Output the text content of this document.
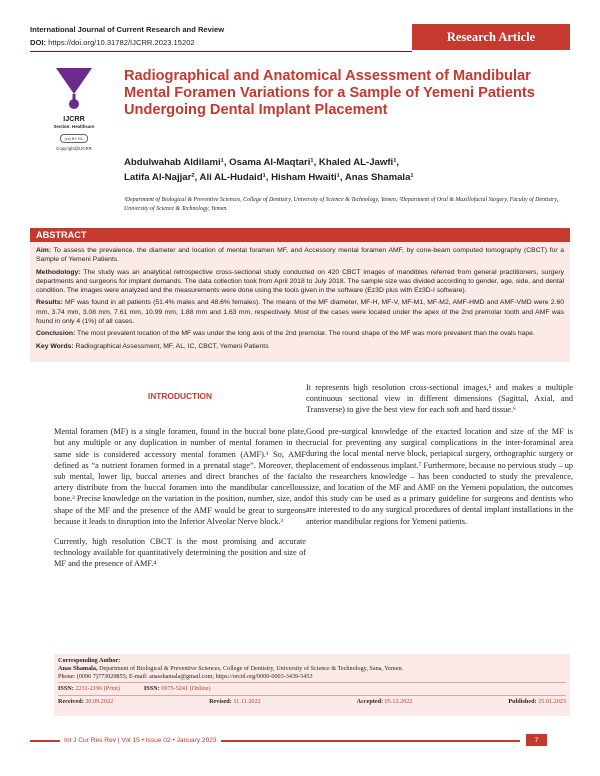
International Journal of Current Research and Review
DOI: https://doi.org/10.31782/IJCRR.2023.15202	Research Article
IJCRR
Section: Healthcare
(cc) BY NC
Copyright@IJCRR
Radiographical and Anatomical Assessment of Mandibular Mental Foramen Variations for a Sample of Yemeni Patients Undergoing Dental Implant Placement
Abdulwahab Aldilami¹, Osama Al-Maqtari¹, Khaled AL-Jawfi¹,
Latifa Al-Najjar², Ali AL-Hudaid¹, Hisham Hwaiti¹, Anas Shamala¹
¹Department of Biological & Preventive Sciences, College of Dentistry, University of Science & Technology, Yemen; ²Department of Oral & Maxillofacial Surgery, Faculty of Dentistry, University of Science & Technology, Yemen.
ABSTRACT

Aim: To assess the prevalence, the diameter and location of mental foramen MF, and Accessory mental foramen AMF, by cone-beam computed tomography (CBCT) for a Sample of Yemeni Patients.

Methodology: The study was an analytical retrospective cross-sectional study conducted on 420 CBCT images of mandibles referred from general practitioners, surgery departments and surgeons for implant demands. The data collection took from April 2018 to July 2018. The sample size was divided according to gender, age, side, and dental condition. The images were analyzed and the measurements were done using the tools given in the software (Ez3D plus with Ez3D-I software).

Results: MF was found in all patients (51.4% males and 48.6% females). The means of the MF diameter, MF-H, MF-V, MF-M1, MF-M2, AMF-HMD and AMF-VMD were 2.60 mm, 3.74 mm, 3.08 mm, 7.61 mm, 10.99 mm, 1.88 mm and 1.63 mm, respectively. Most of the cases were located under the apex of the 2nd premolar tooth and AMF was found in only 4 (1%) of all cases.

Conclusion: The most prevalent location of the MF was under the long axis of the 2nd premolar. The round shape of the MF was more prevalent than the ovals hape.

Key Words: Radiographical Assessment, MF, AL, IC, CBCT, Yemeni Patients

INTRODUCTION

Mental foramen (MF) is a single foramen, found in the buccal bone plate, but any multiple or any duplication in number of mental foramen in the same side is considered accessory mental foramen (AMF).¹ So, AMF defined as “a nutrient foramen formed in a prenatal stage”. Moreover, the sub mental, lower lip, buccal arteries and direct branches of the facial artery distribute from the buccal foramen into the mandibular cancellous bone.² Precise knowledge on the variation in the position, number, size, and shape of the MF and the presence of the AMF would be great to surgeons because it leads to disruption into the Inferior Alveolar Nerve block.³

Currently, high resolution CBCT is the most promising and accurate technology available for quantitatively determining the position and size of MF and the presence of AMF.⁴

It represents high resolution cross-sectional images,⁵ and makes a multiple continuous sectional view in different dimensions (Sagittal, Axial, and Transverse) to give the best view for each soft and hard tissue.⁶

Good pre-surgical knowledge of the exacted location and size of the MF is crucial for preventing any surgical complications in the inter-foraminal area during the local mental nerve block, periapical surgery, orthographic surgery or placement of endosseous implant.⁷ Furthermore, because no pervious study – up to the researchers knowledge – has been conducted to study the prevalence, size, and location of the MF and AMF on the Yemeni population, the outcomes of this study can be used as a primary guideline for surgeons and dentists who are interested to do any surgical procedures of dental implant installations in the anterior mandibular regions for Yemeni patients.

Corresponding Author:
Anas Shamala, Department of Biological & Preventive Sciences, College of Dentistry, University of Science & Technology, Sana, Yemen.
Phone: (0096 7)773029855; E-mail: anasshamala@gmail.com; https://orcid.org/0000-0003-3439-5453
ISSN: 2231-2196 (Print)	ISSN: 0975-5241 (Online)
Received: 20.09.2022	Revised: 11.11.2022	Accepted: 05.12.2022	Published: 25.01.2023
Int J Cur Res Rev | Vol 15 • Issue 02 • January 2023	7
